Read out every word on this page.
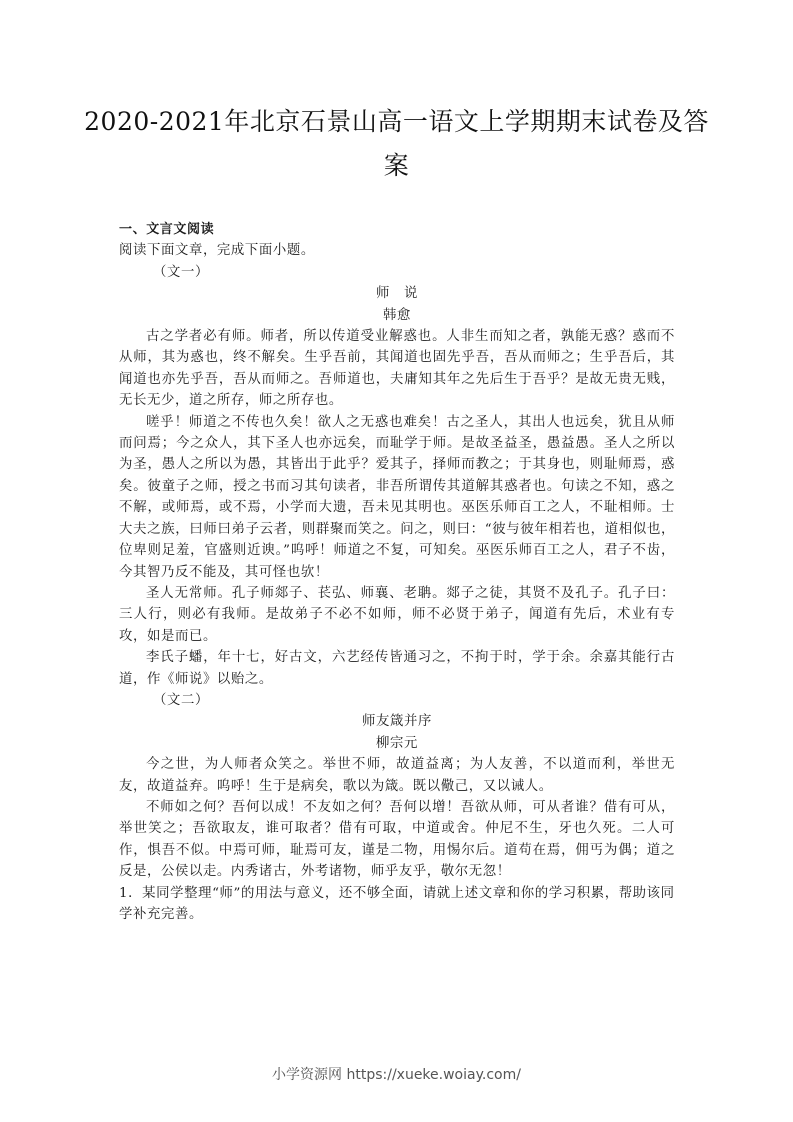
2020-2021年北京石景山高一语文上学期期末试卷及答
案
一、文言文阅读
阅读下面文章，完成下面小题。
（文一）
师　说
韩愈
古之学者必有师。师者，所以传道受业解惑也。人非生而知之者，孰能无惑？惑而不从师，其为惑也，终不解矣。生乎吾前，其闻道也固先乎吾，吾从而师之；生乎吾后，其闻道也亦先乎吾，吾从而师之。吾师道也，夫庸知其年之先后生于吾乎？是故无贵无贱，无长无少，道之所存，师之所存也。
嗟乎！师道之不传也久矣！欲人之无惑也难矣！古之圣人，其出人也远矣，犹且从师而问焉；今之众人，其下圣人也亦远矣，而耻学于师。是故圣益圣，愚益愚。圣人之所以为圣，愚人之所以为愚，其皆出于此乎？爱其子，择师而教之；于其身也，则耻师焉，惑矣。彼童子之师，授之书而习其句读者，非吾所谓传其道解其惑者也。句读之不知，惑之不解，或师焉，或不焉，小学而大遗，吾未见其明也。巫医乐师百工之人，不耻相师。士大夫之族，曰师曰弟子云者，则群聚而笑之。问之，则曰：“彼与彼年相若也，道相似也，位卑则足羞，官盛则近谀。”呜呼！师道之不复，可知矣。巫医乐师百工之人，君子不齿，今其智乃反不能及，其可怪也欤！
圣人无常师。孔子师郯子、苌弘、师襄、老聃。郯子之徒，其贤不及孔子。孔子曰：三人行，则必有我师。是故弟子不必不如师，师不必贤于弟子，闻道有先后，术业有专攻，如是而已。
李氏子蟠，年十七，好古文，六艺经传皆通习之，不拘于时，学于余。余嘉其能行古道，作《师说》以贻之。
（文二）
师友箴并序
柳宗元
今之世，为人师者众笑之。举世不师，故道益离；为人友善，不以道而利，举世无友，故道益弃。呜呼！生于是病矣，歌以为箴。既以儆己，又以诫人。
不师如之何？吾何以成！不友如之何？吾何以增！吾欲从师，可从者谁？借有可从，举世笑之；吾欲取友，谁可取者？借有可取，中道或舍。仲尼不生，牙也久死。二人可作，惧吾不似。中焉可师，耻焉可友，谨是二物，用惕尔后。道苟在焉，佣丐为偶；道之反是，公侯以走。内秀诸古，外考诸物，师乎友乎，敬尔无忽！
1．某同学整理“师”的用法与意义，还不够全面，请就上述文章和你的学习积累，帮助该同学补充完善。
小学资源网 https://xueke.woiay.com/
